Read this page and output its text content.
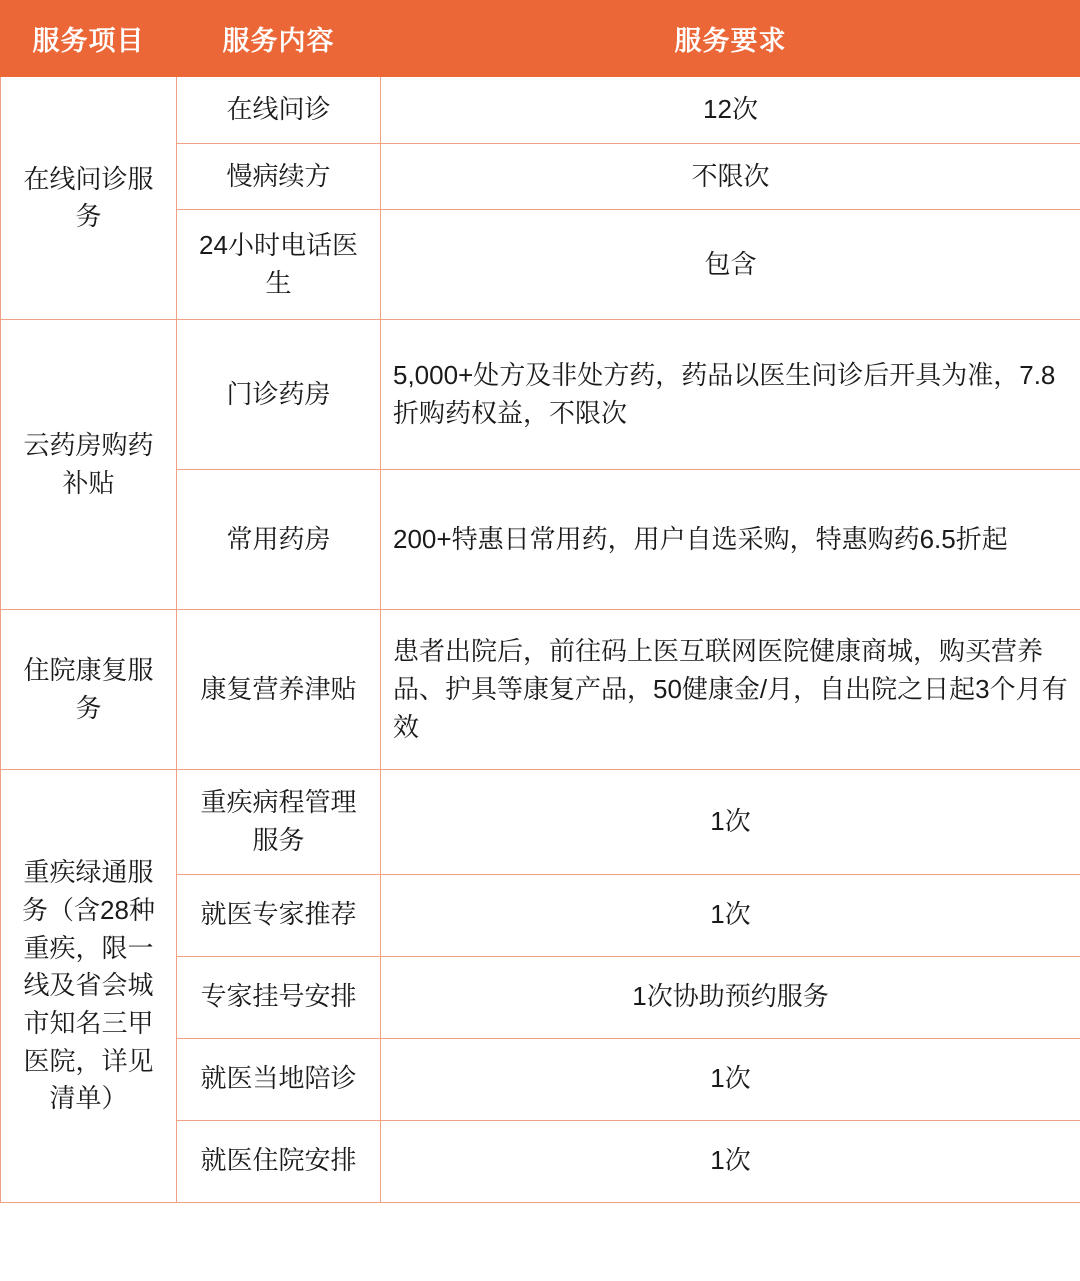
服务项目	服务内容	服务要求
在线问诊服务	在线问诊	12次
	慢病续方	不限次
	24小时电话医生	包含
云药房购药补贴	门诊药房	5,000+处方及非处方药，药品以医生问诊后开具为准，7.8折购药权益，不限次
	常用药房	200+特惠日常用药，用户自选采购，特惠购药6.5折起
住院康复服务	康复营养津贴	患者出院后，前往码上医互联网医院健康商城，购买营养品、护具等康复产品，50健康金/月，自出院之日起3个月有效
重疾绿通服务（含28种重疾，限一线及省会城市知名三甲医院，详见清单）	重疾病程管理服务	1次
	就医专家推荐	1次
	专家挂号安排	1次协助预约服务
	就医当地陪诊	1次
	就医住院安排	1次
